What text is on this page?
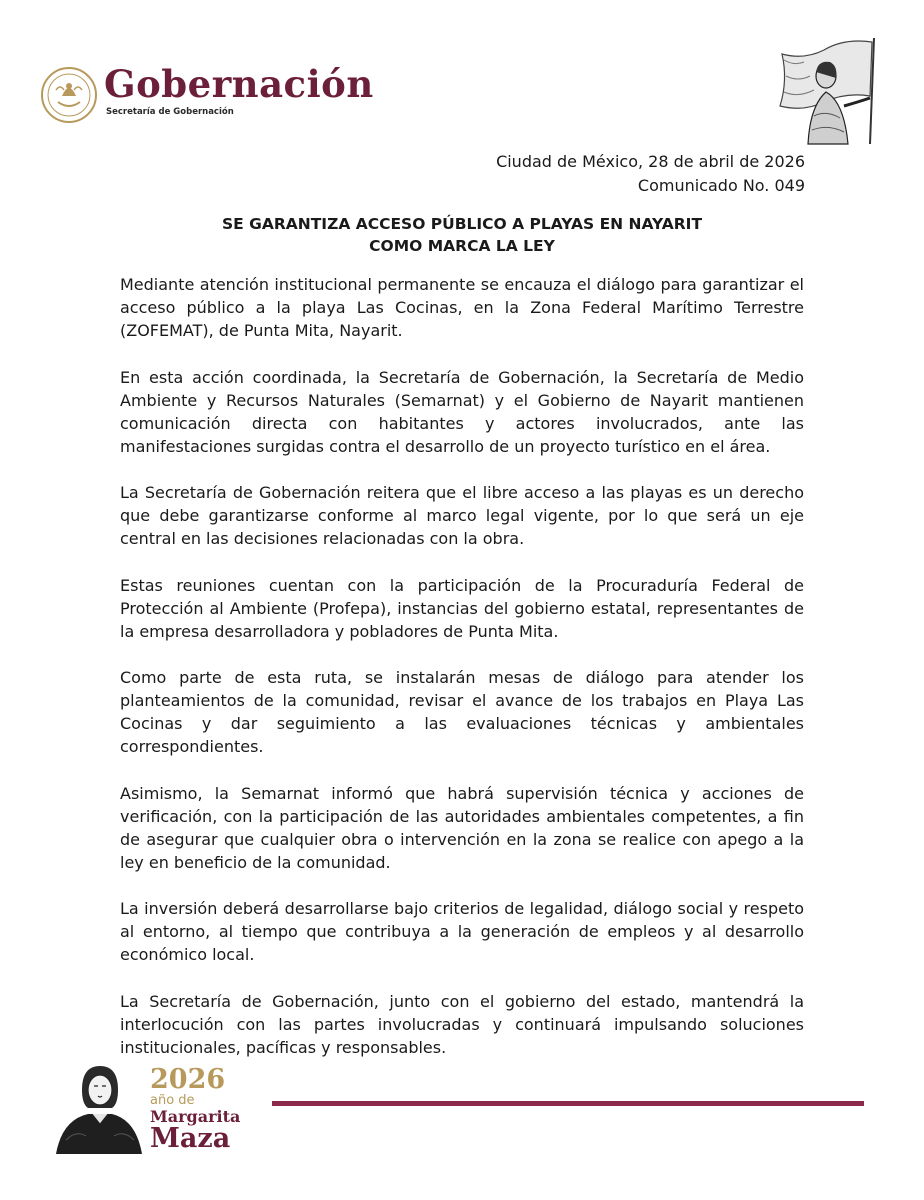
Gobernación
Secretaría de Gobernación
Ciudad de México, 28 de abril de 2026
Comunicado No. 049
SE GARANTIZA ACCESO PÚBLICO A PLAYAS EN NAYARIT
COMO MARCA LA LEY

Mediante atención institucional permanente se encauza el diálogo para garantizar el acceso público a la playa Las Cocinas, en la Zona Federal Marítimo Terrestre (ZOFEMAT), de Punta Mita, Nayarit.

En esta acción coordinada, la Secretaría de Gobernación, la Secretaría de Medio Ambiente y Recursos Naturales (Semarnat) y el Gobierno de Nayarit mantienen comunicación directa con habitantes y actores involucrados, ante las manifestaciones surgidas contra el desarrollo de un proyecto turístico en el área.

La Secretaría de Gobernación reitera que el libre acceso a las playas es un derecho que debe garantizarse conforme al marco legal vigente, por lo que será un eje central en las decisiones relacionadas con la obra.

Estas reuniones cuentan con la participación de la Procuraduría Federal de Protección al Ambiente (Profepa), instancias del gobierno estatal, representantes de la empresa desarrolladora y pobladores de Punta Mita.

Como parte de esta ruta, se instalarán mesas de diálogo para atender los planteamientos de la comunidad, revisar el avance de los trabajos en Playa Las Cocinas y dar seguimiento a las evaluaciones técnicas y ambientales correspondientes.

Asimismo, la Semarnat informó que habrá supervisión técnica y acciones de verificación, con la participación de las autoridades ambientales competentes, a fin de asegurar que cualquier obra o intervención en la zona se realice con apego a la ley en beneficio de la comunidad.

La inversión deberá desarrollarse bajo criterios de legalidad, diálogo social y respeto al entorno, al tiempo que contribuya a la generación de empleos y al desarrollo económico local.

La Secretaría de Gobernación, junto con el gobierno del estado, mantendrá la interlocución con las partes involucradas y continuará impulsando soluciones institucionales, pacíficas y responsables.

2026
año de
Margarita
Maza
